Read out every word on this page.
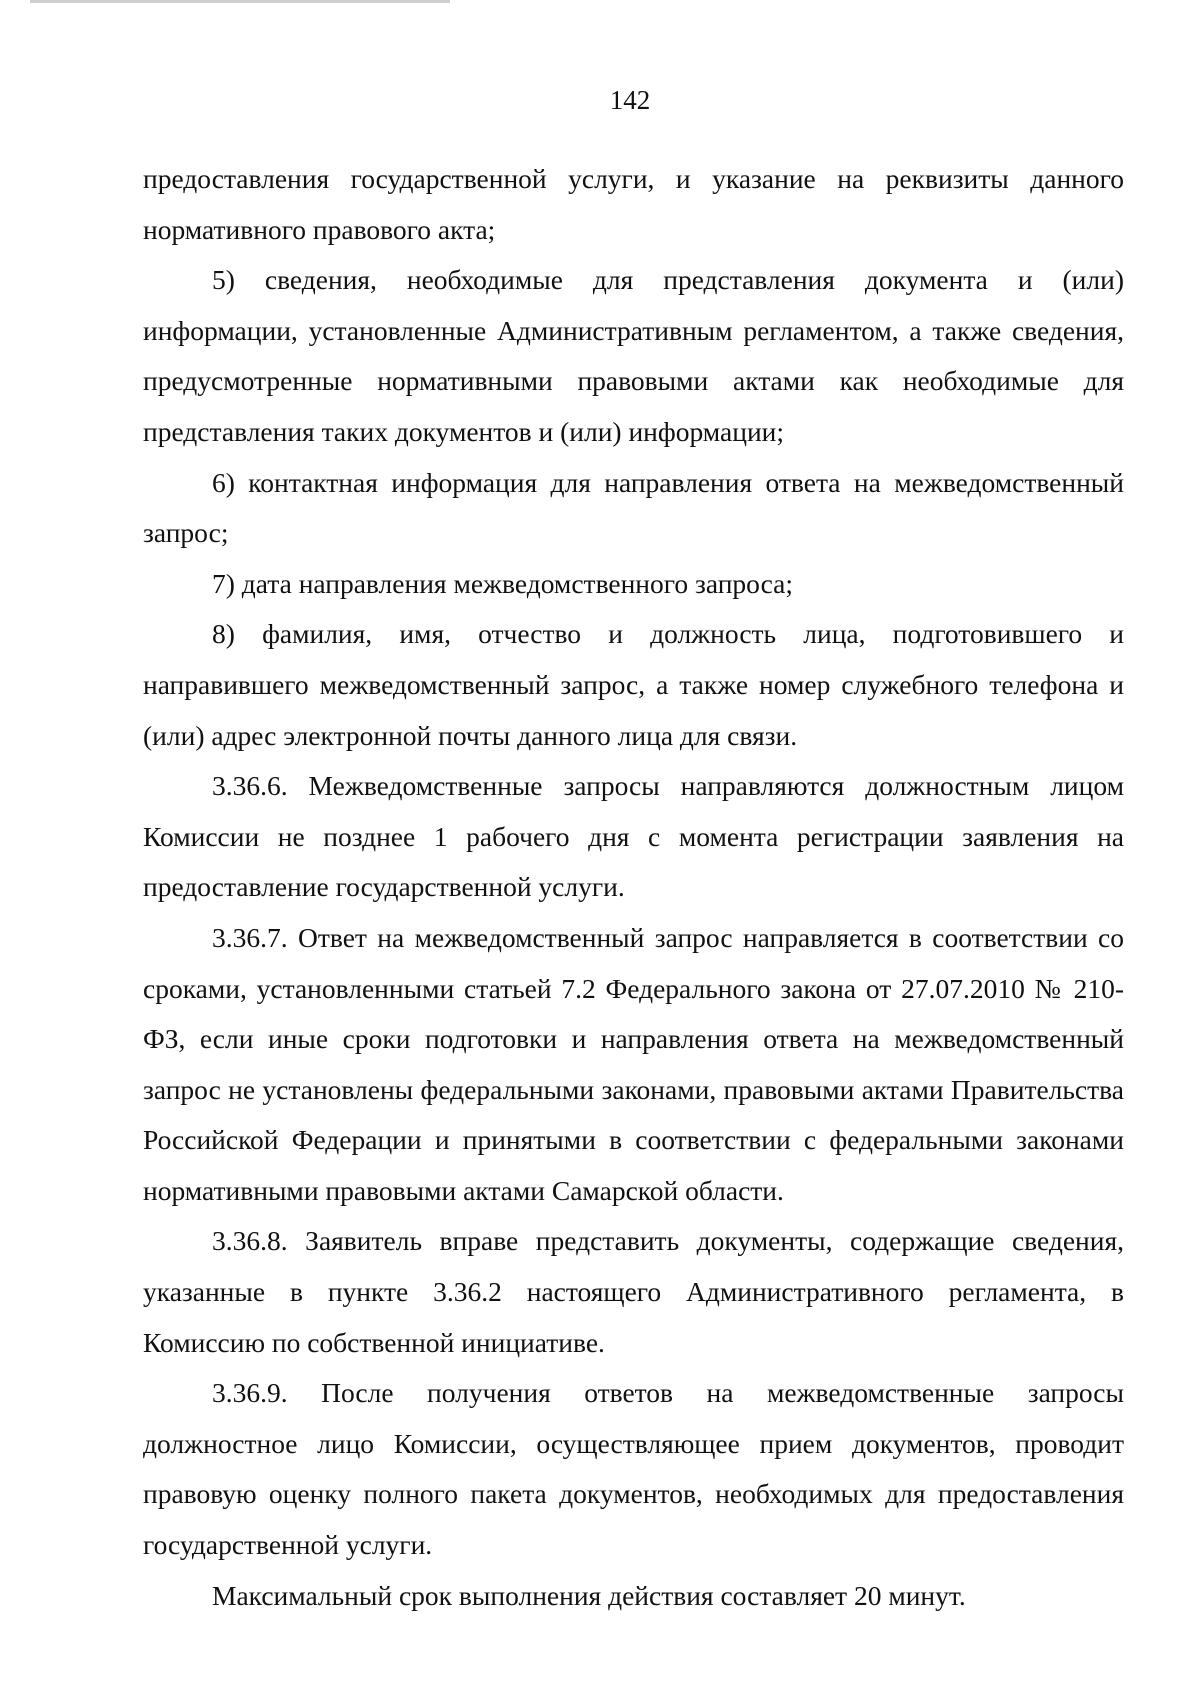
142

предоставления государственной услуги, и указание на реквизиты данного нормативного правового акта;

5) сведения, необходимые для представления документа и (или) информации, установленные Административным регламентом, а также сведения, предусмотренные нормативными правовыми актами как необходимые для представления таких документов и (или) информации;

6) контактная информация для направления ответа на межведомственный запрос;

7) дата направления межведомственного запроса;

8) фамилия, имя, отчество и должность лица, подготовившего и направившего межведомственный запрос, а также номер служебного телефона и (или) адрес электронной почты данного лица для связи.

3.36.6. Межведомственные запросы направляются должностным лицом Комиссии не позднее 1 рабочего дня с момента регистрации заявления на предоставление государственной услуги.

3.36.7. Ответ на межведомственный запрос направляется в соответствии со сроками, установленными статьей 7.2 Федерального закона от 27.07.2010 № 210-ФЗ, если иные сроки подготовки и направления ответа на межведомственный запрос не установлены федеральными законами, правовыми актами Правительства Российской Федерации и принятыми в соответствии с федеральными законами нормативными правовыми актами Самарской области.

3.36.8. Заявитель вправе представить документы, содержащие сведения, указанные в пункте 3.36.2 настоящего Административного регламента, в Комиссию по собственной инициативе.

3.36.9. После получения ответов на межведомственные запросы должностное лицо Комиссии, осуществляющее прием документов, проводит правовую оценку полного пакета документов, необходимых для предоставления государственной услуги.

Максимальный срок выполнения действия составляет 20 минут.
